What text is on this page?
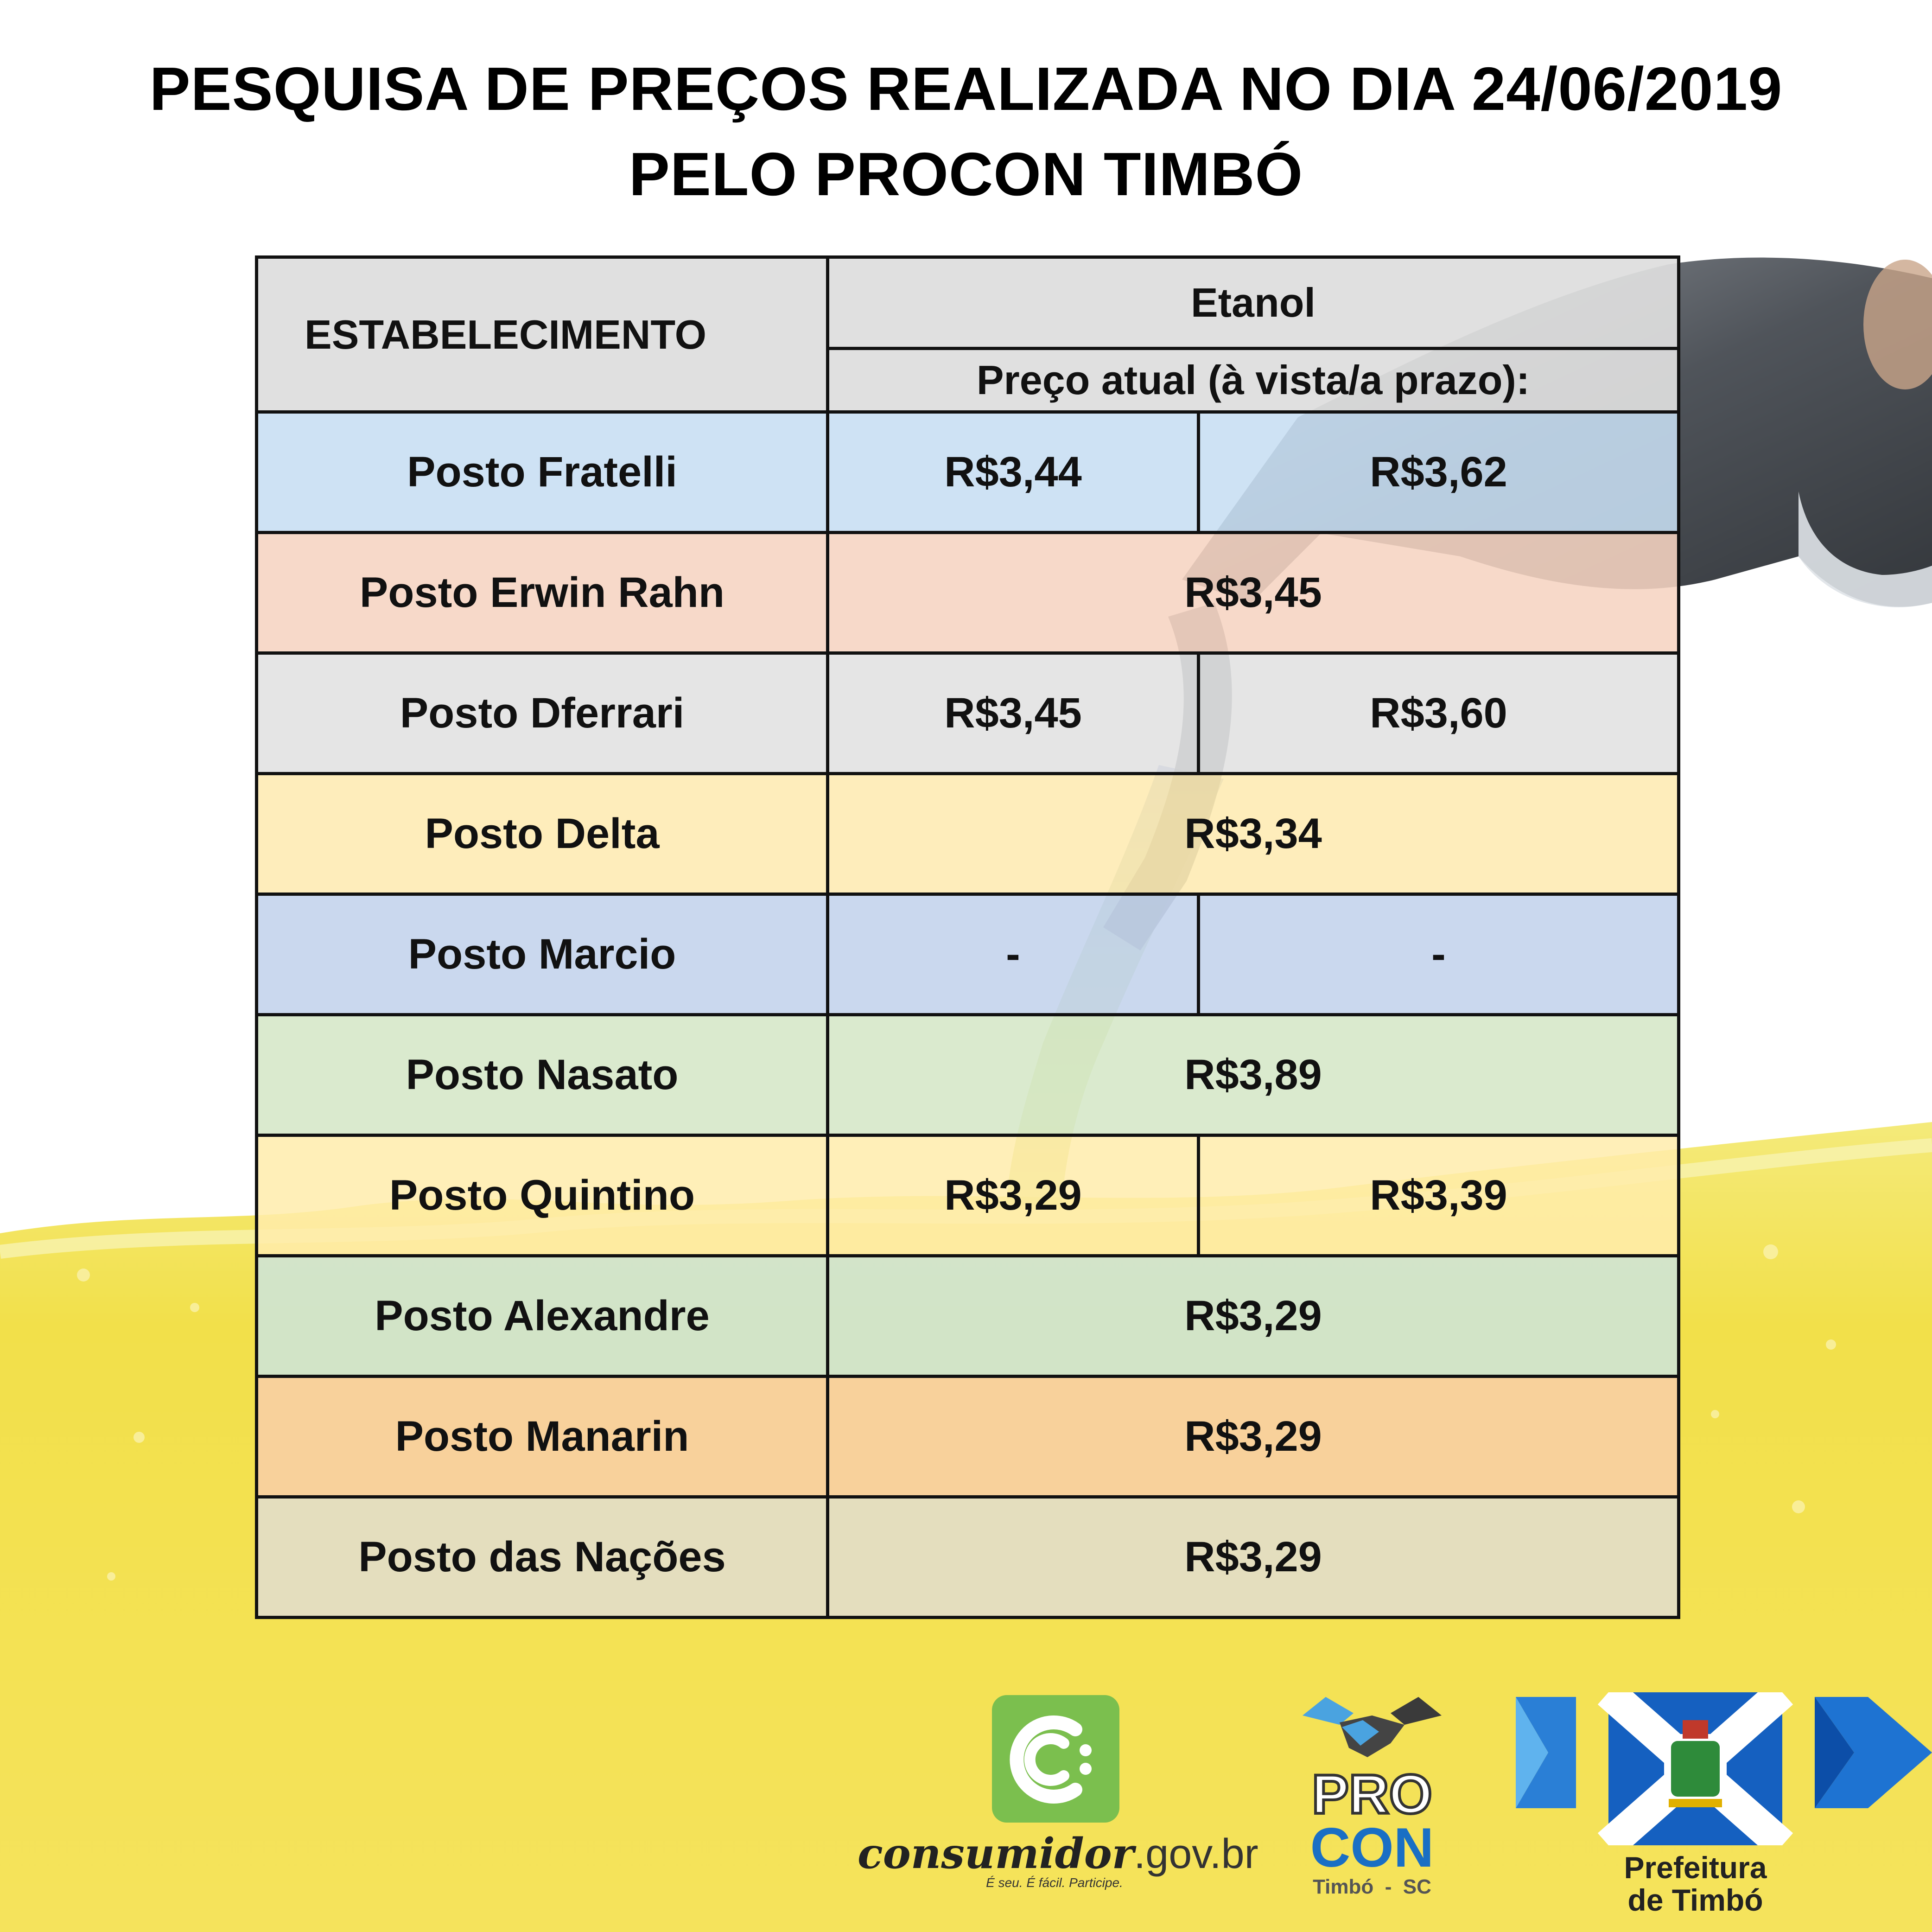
PESQUISA DE PREÇOS REALIZADA NO DIA 24/06/2019
PELO PROCON TIMBÓ
ESTABELECIMENTO	Etanol	
	Preço atual (à vista/a prazo):	
Posto Fratelli	R$3,44	R$3,62
Posto Erwin Rahn	R$3,45	
Posto Dferrari	R$3,45	R$3,60
Posto Delta	R$3,34	
Posto Marcio	-	-
Posto Nasato	R$3,89	
Posto Quintino	R$3,29	R$3,39
Posto Alexandre	R$3,29	
Posto Manarin	R$3,29	
Posto das Nações	R$3,29	
consumidor.gov.br
É seu. É fácil. Participe.
PRO
CON
Timbó  -  SC
Prefeitura
de Timbó
